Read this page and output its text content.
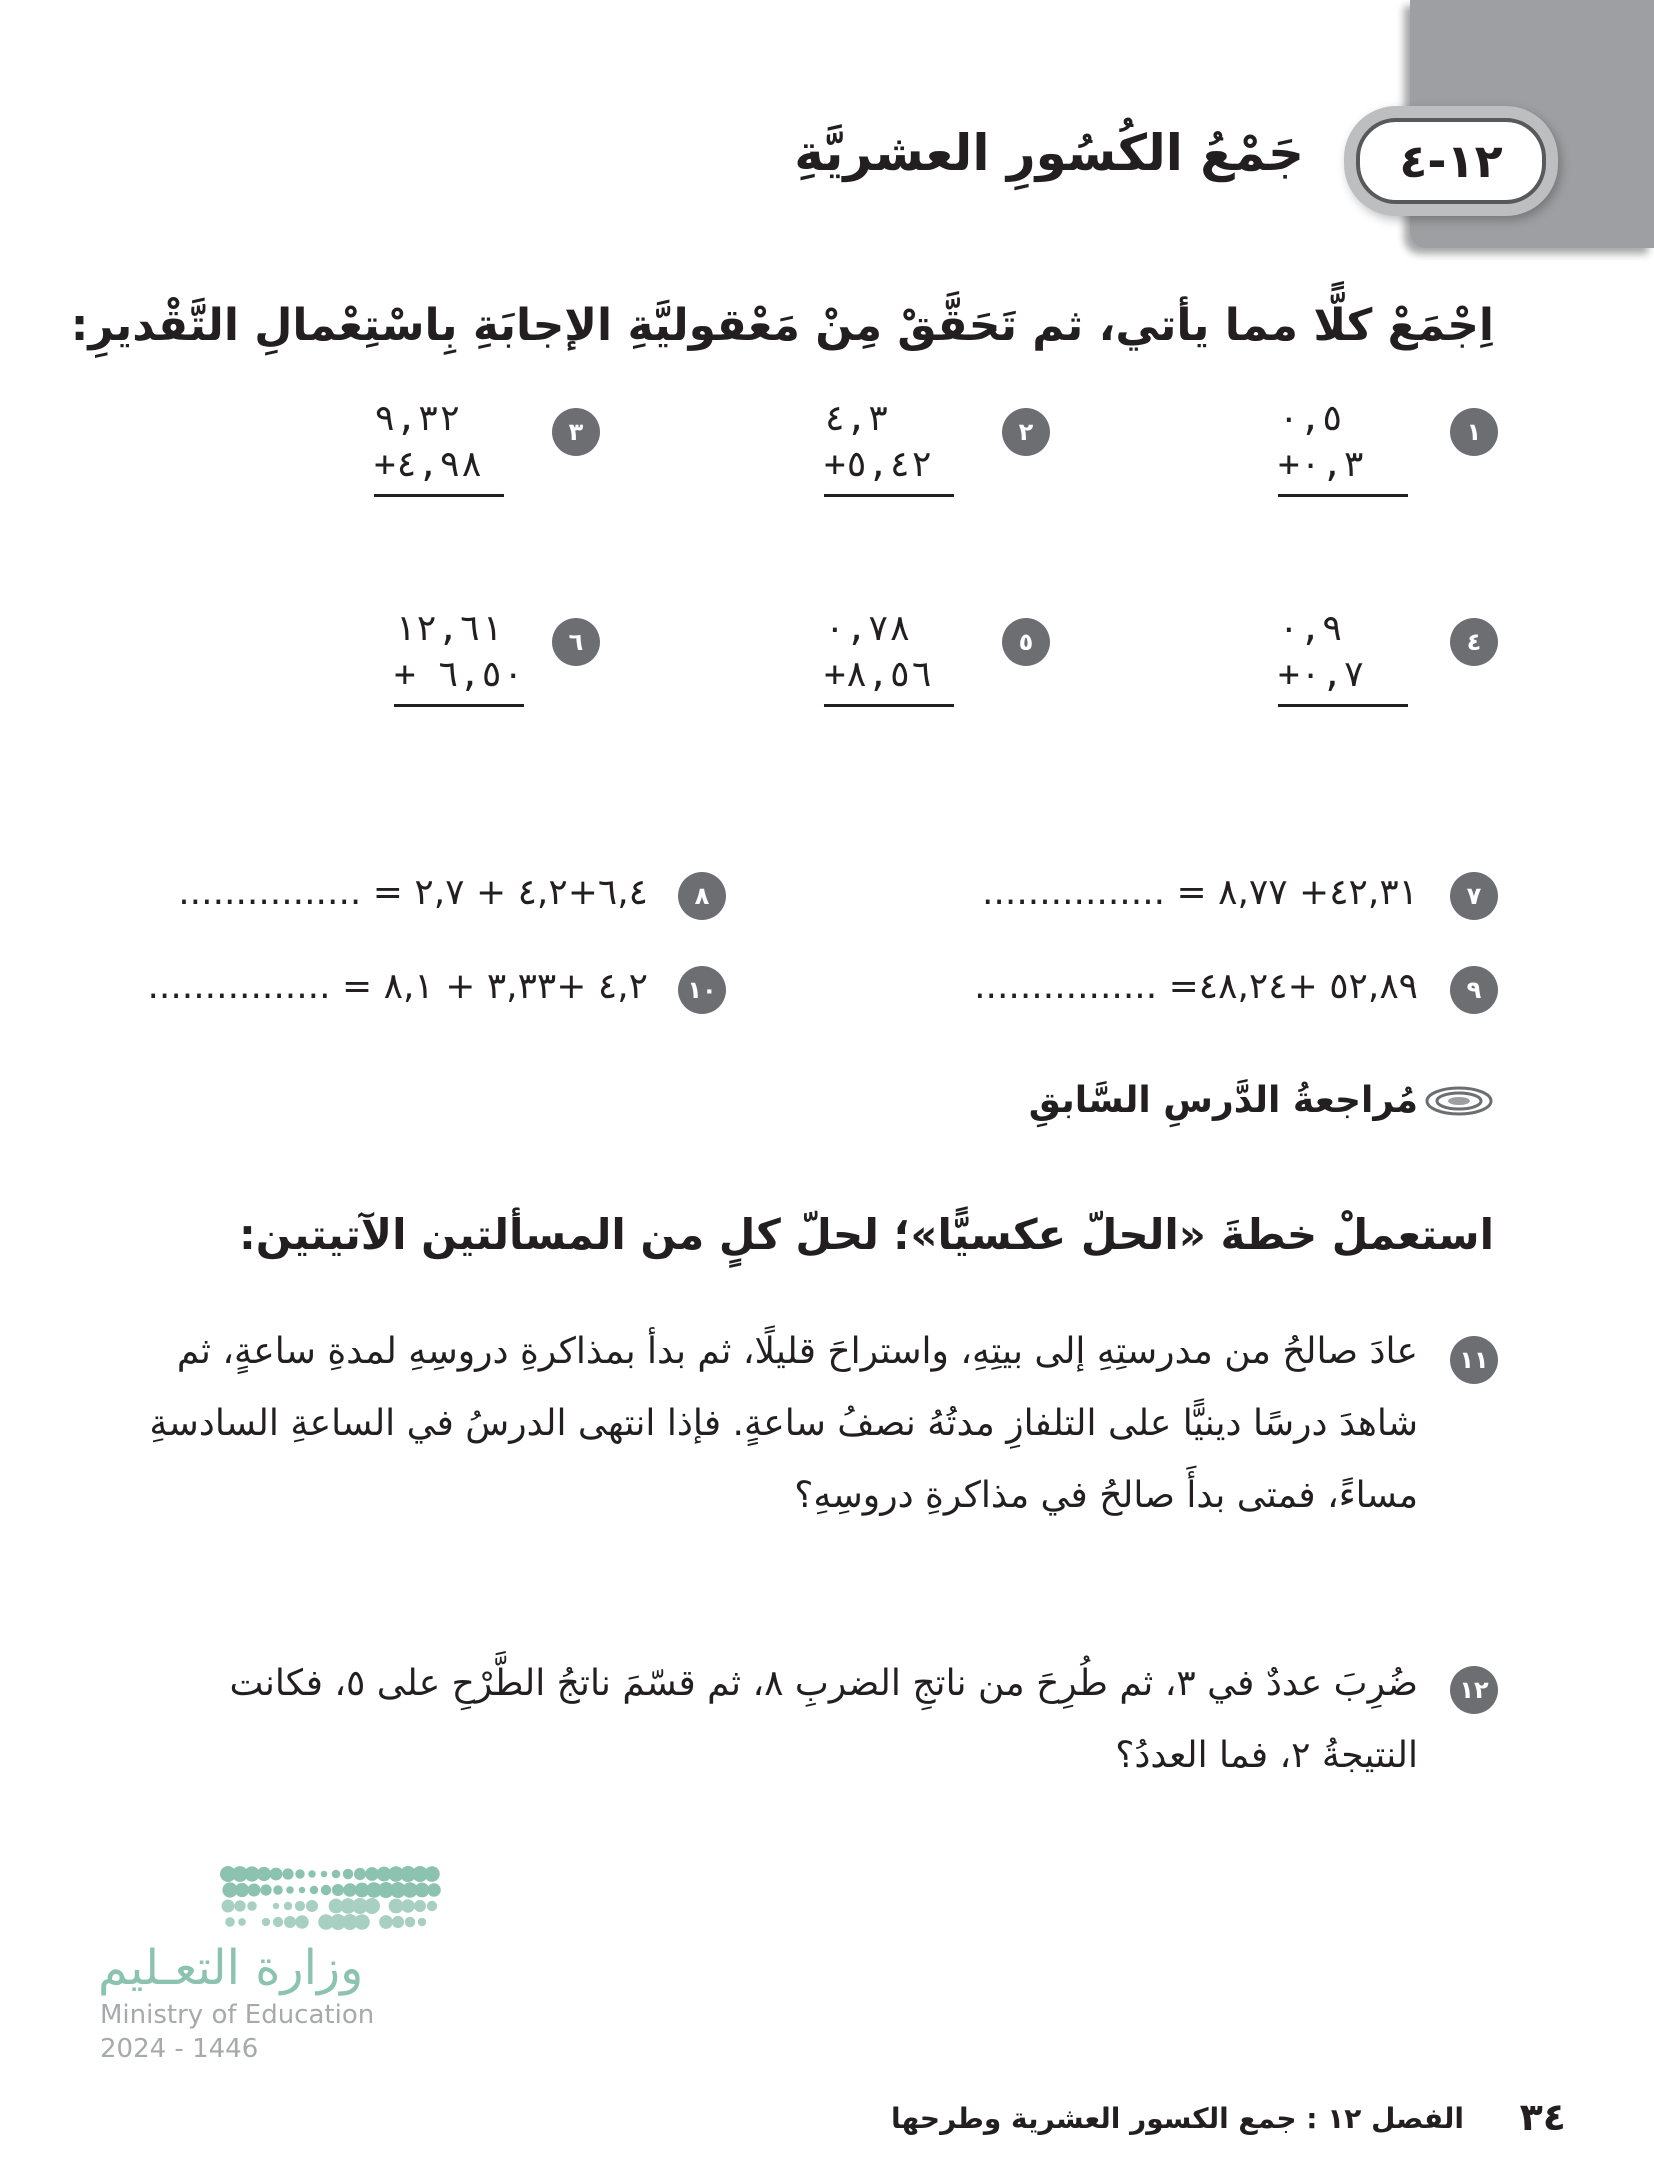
١٢-٤
جَمْعُ الكُسُورِ العشريَّةِ
اِجْمَعْ كلًّا مما يأتي، ثم تَحَقَّقْ مِنْ مَعْقوليَّةِ الإجابَةِ بِاسْتِعْمالِ التَّقْديرِ:
١
٠,٥
+٠,٣
٢
٤,٣
+٥,٤٢
٣
٩,٣٢
+٤,٩٨
٤
٠,٩
+٠,٧
٥
٠,٧٨
+٨,٥٦
٦
١٢,٦١
+ ٦,٥٠
٧
٤٢,٣١+ ٨,٧٧ = ................
٨
٦,٤+٤,٢ + ٢,٧ = ................
٩
٥٢,٨٩ +٤٨,٢٤= ................
١٠
٤,٢ +٣,٣٣ + ٨,١ = ................
مُراجعةُ الدَّرسِ السَّابقِ
استعملْ خطةَ «الحلّ عكسيًّا»؛ لحلّ كلٍ من المسألتين الآتيتين:
١١
عادَ صالحُ من مدرستِهِ إلى بيتِهِ، واستراحَ قليلًا، ثم بدأ بمذاكرةِ دروسِهِ لمدةِ ساعةٍ، ثم شاهدَ درسًا دينيًّا على التلفازِ مدتُهُ نصفُ ساعةٍ. فإذا انتهى الدرسُ في الساعةِ السادسةِ مساءً، فمتى بدأَ صالحُ في مذاكرةِ دروسِهِ؟
١٢
ضُرِبَ عددٌ في ٣، ثم طُرِحَ من ناتجِ الضربِ ٨، ثم قسّمَ ناتجُ الطَّرْحِ على ٥، فكانت النتيجةُ ٢، فما العددُ؟
وزارة التعـليم
Ministry of Education
2024 - 1446
٣٤
الفصل ١٢ : جمع الكسور العشرية وطرحها
